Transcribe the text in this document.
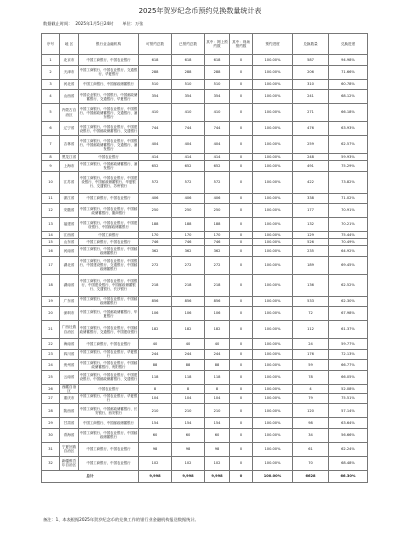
2025年贺岁纪念币预约兑换数量统计表
数据截止时间： 2025年1月5日24时 单位：万张
序号	地 区	银行业金融机构	可预约总数	已预约总数	其中：网上预约数	其中：现场预约数	预约进度	兑换数量	兑换进度
1	北京市	中国工商银行、中国农业银行	618	618	618	0	100.00%	587	94.98%
2	天津市	中国工商银行、中国农业银行、交通银行、华夏银行	288	288	288	0	100.00%	206	71.66%
3	河北省	中国工商银行、中国邮政储蓄银行	510	510	510	0	100.00%	310	60.78%
4	山西省	中国农业银行、中国银行、中国邮政储蓄银行、交通银行、华夏银行	354	354	354	0	100.00%	241	68.12%
5	内蒙古自治区	中国工商银行、中国农业银行、中国银行、中国邮政储蓄银行、交通银行、浦东银行	410	410	410	0	100.00%	271	66.18%
6	辽宁省	中国工商银行、中国农业银行、中国建设银行、中国邮政储蓄银行、交通银行	744	744	744	0	100.00%	476	63.93%
7	吉林省	中国工商银行、中国农业银行、中国银行、中国邮政储蓄银行、交通银行、浦发银行	404	404	404	0	100.00%	259	62.57%
8	黑龙江省	中国农业银行	414	414	414	0	100.00%	248	59.93%
9	上海市	中国工商银行、中国邮政储蓄银行、浦发银行	652	652	652	0	100.00%	491	75.29%
10	江苏省	中国工商银行、中国农业银行、中国建设银行、中国邮政储蓄银行、华夏银行、交通银行、苏州银行	572	572	572	0	100.00%	422	73.82%
11	浙江省	中国工商银行、中国农业银行	406	406	406	0	100.00%	338	71.02%
12	安徽省	中国工商银行、中国农业银行、中国邮政储蓄银行、徽商银行	250	250	250	0	100.00%	177	70.91%
13	福建省	中国工商银行、中国农业银行、中国建设银行、中国邮政储蓄银行	188	188	188	0	100.00%	132	70.21%
14	江西省	中国工商银行	170	170	170	0	100.00%	129	75.44%
15	山东省	中国工商银行、中国农业银行	746	746	746	0	100.00%	526	70.49%
16	河南省	中国工商银行、中国农业银行、中国邮政储蓄银行	362	362	362	0	100.00%	235	64.92%
17	湖北省	中国工商银行、中国农业银行、中国银行、中国建设银行、交通银行、中国邮政储蓄银行	272	272	272	0	100.00%	189	69.45%
18	湖南省	中国工商银行、中国农业银行、中国银行、中国建设银行、中国邮政储蓄银行、交通银行、长沙银行	218	218	218	0	100.00%	136	62.52%
19	广东省	中国工商银行、中国农业银行、中国邮政储蓄银行	856	856	856	0	100.00%	533	62.30%
20	深圳市	中国工商银行、中国邮政储蓄银行、华夏银行	106	106	106	0	100.00%	72	67.98%
21	广西壮族自治区	中国工商银行、中国农业银行、中国邮政储蓄银行、交通银行、中国建设银行	182	182	182	0	100.00%	112	61.37%
22	海南省	中国工商银行、中国农业银行	40	40	40	0	100.00%	24	59.77%
23	四川省	中国工商银行、中国农业银行、华夏银行	244	244	244	0	100.00%	176	72.13%
24	贵州省	中国工商银行、中国农业银行、中国邮政储蓄银行、贵阳银行	88	88	88	0	100.00%	59	66.77%
25	云南省	中国工商银行、中国农业银行、中国建设银行、中国邮政储蓄银行、交通银行	118	118	118	0	100.00%	78	66.05%
26	西藏自治区	中国农业银行	8	8	8	0	100.00%	4	52.08%
27	重庆市	中国工商银行、中国农业银行、华夏银行	104	104	104	0	100.00%	79	75.51%
28	陕西省	中国工商银行、中国邮政储蓄银行、长安银行、西安银行	210	210	210	0	100.00%	120	57.14%
29	甘肃省	中国工商银行、中国邮政储蓄银行	154	154	154	0	100.00%	98	63.64%
30	青海省	中国工商银行、中国农业银行、中国邮政储蓄银行	60	60	60	0	100.00%	34	56.66%
31	宁夏回族自治区	中国工商银行、中国农业银行	98	98	98	0	100.00%	61	62.24%
32	新疆维吾尔自治区	中国工商银行、中国农业银行	102	102	102	0	100.00%	70	68.48%
总计			9,998	9,998	9,998	0	100.00%	6628	66.30%
备注：1、本表根据2025年贺岁纪念币的兑换工作的银行业金融机构报送数据统计。
